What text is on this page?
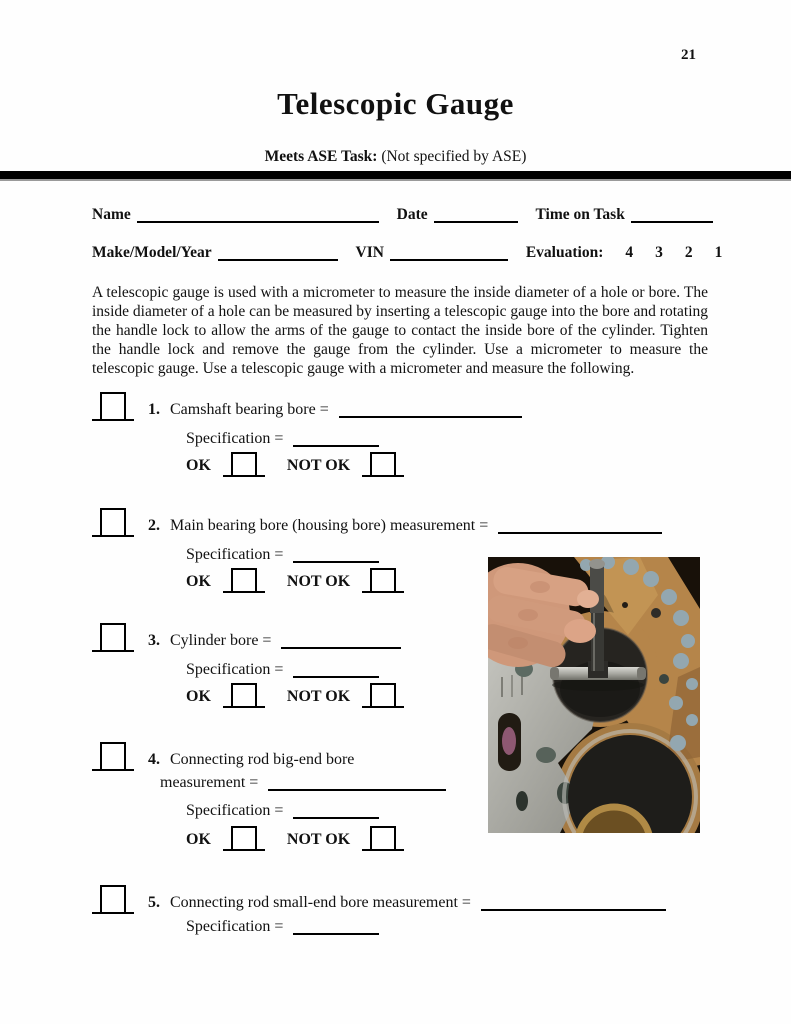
21
Telescopic Gauge
Meets ASE Task: (Not specified by ASE)
Name	Date	Time on Task
Make/Model/Year	VIN	Evaluation: 4 3 2 1

A telescopic gauge is used with a micrometer to measure the inside diameter of a hole or bore. The inside diameter of a hole can be measured by inserting a telescopic gauge into the bore and rotating the handle lock to allow the arms of the gauge to contact the inside bore of the cylinder. Tighten the handle lock and remove the gauge from the cylinder. Use a micrometer to measure the telescopic gauge. Use a telescopic gauge with a micrometer and measure the following.

1. Camshaft bearing bore =
Specification =
OK	NOT OK
2. Main bearing bore (housing bore) measurement =
Specification =
OK	NOT OK
3. Cylinder bore =
Specification =
OK	NOT OK
4. Connecting rod big-end bore
measurement =
Specification =
OK	NOT OK
5. Connecting rod small-end bore measurement =
Specification =
